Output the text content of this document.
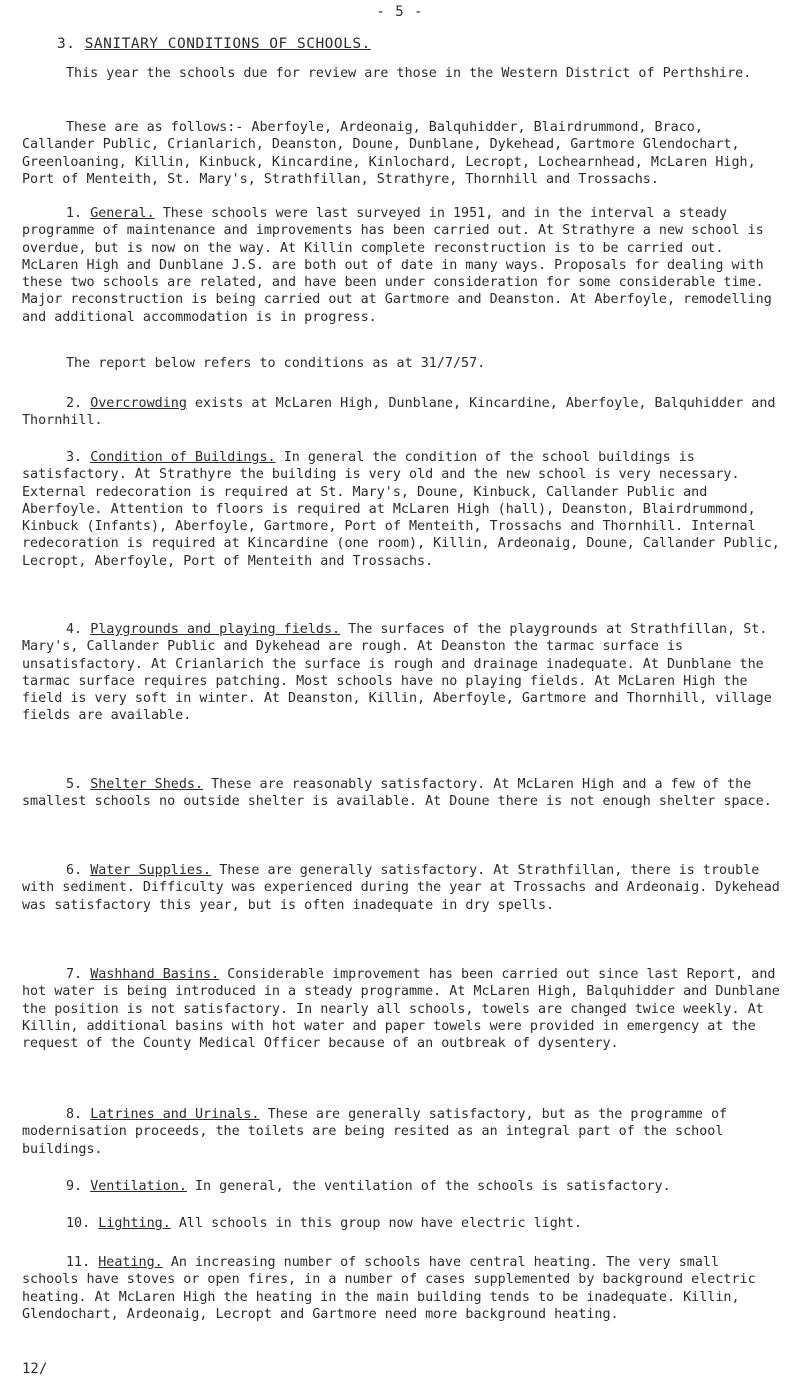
- 5 -
3. SANITARY CONDITIONS OF SCHOOLS.
This year the schools due for review are those in the Western District of Perthshire.
These are as follows:- Aberfoyle, Ardeonaig, Balquhidder, Blairdrummond, Braco, Callander Public, Crianlarich, Deanston, Doune, Dunblane, Dykehead, Gartmore Glendochart, Greenloaning, Killin, Kinbuck, Kincardine, Kinlochard, Lecropt, Lochearnhead, McLaren High, Port of Menteith, St. Mary's, Strathfillan, Strathyre, Thornhill and Trossachs.
1. General. These schools were last surveyed in 1951, and in the interval a steady programme of maintenance and improvements has been carried out. At Strathyre a new school is overdue, but is now on the way. At Killin complete reconstruction is to be carried out. McLaren High and Dunblane J.S. are both out of date in many ways. Proposals for dealing with these two schools are related, and have been under consideration for some considerable time. Major reconstruction is being carried out at Gartmore and Deanston. At Aberfoyle, remodelling and additional accommodation is in progress.
The report below refers to conditions as at 31/7/57.
2. Overcrowding exists at McLaren High, Dunblane, Kincardine, Aberfoyle, Balquhidder and Thornhill.
3. Condition of Buildings. In general the condition of the school buildings is satisfactory. At Strathyre the building is very old and the new school is very necessary. External redecoration is required at St. Mary's, Doune, Kinbuck, Callander Public and Aberfoyle. Attention to floors is required at McLaren High (hall), Deanston, Blairdrummond, Kinbuck (Infants), Aberfoyle, Gartmore, Port of Menteith, Trossachs and Thornhill. Internal redecoration is required at Kincardine (one room), Killin, Ardeonaig, Doune, Callander Public, Lecropt, Aberfoyle, Port of Menteith and Trossachs.
4. Playgrounds and playing fields. The surfaces of the playgrounds at Strathfillan, St. Mary's, Callander Public and Dykehead are rough. At Deanston the tarmac surface is unsatisfactory. At Crianlarich the surface is rough and drainage inadequate. At Dunblane the tarmac surface requires patching. Most schools have no playing fields. At McLaren High the field is very soft in winter. At Deanston, Killin, Aberfoyle, Gartmore and Thornhill, village fields are available.
5. Shelter Sheds. These are reasonably satisfactory. At McLaren High and a few of the smallest schools no outside shelter is available. At Doune there is not enough shelter space.
6. Water Supplies. These are generally satisfactory. At Strathfillan, there is trouble with sediment. Difficulty was experienced during the year at Trossachs and Ardeonaig. Dykehead was satisfactory this year, but is often inadequate in dry spells.
7. Washhand Basins. Considerable improvement has been carried out since last Report, and hot water is being introduced in a steady programme. At McLaren High, Balquhidder and Dunblane the position is not satisfactory. In nearly all schools, towels are changed twice weekly. At Killin, additional basins with hot water and paper towels were provided in emergency at the request of the County Medical Officer because of an outbreak of dysentery.
8. Latrines and Urinals. These are generally satisfactory, but as the programme of modernisation proceeds, the toilets are being resited as an integral part of the school buildings.
9. Ventilation. In general, the ventilation of the schools is satisfactory.
10. Lighting. All schools in this group now have electric light.
11. Heating. An increasing number of schools have central heating. The very small schools have stoves or open fires, in a number of cases supplemented by background electric heating. At McLaren High the heating in the main building tends to be inadequate. Killin, Glendochart, Ardeonaig, Lecropt and Gartmore need more background heating.
12/
